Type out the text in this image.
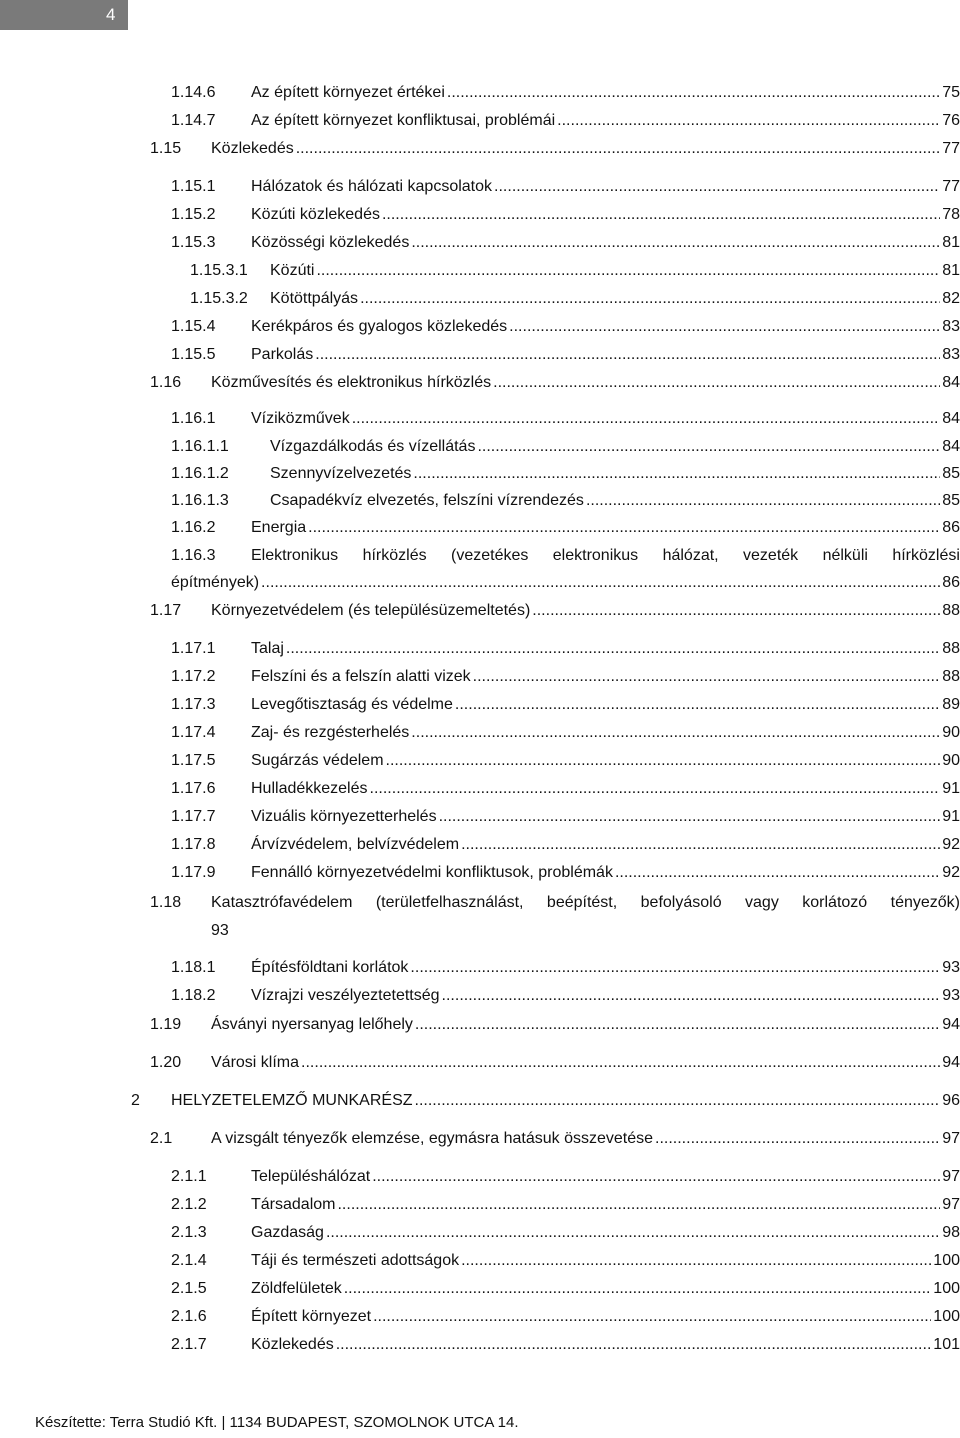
4
1.14.6 Az épített környezet értékei .....	75
1.14.7 Az épített környezet konfliktusai, problémái .....	76
1.15 Közlekedés .....	77
1.15.1 Hálózatok és hálózati kapcsolatok .....	77
1.15.2 Közúti közlekedés .....	78
1.15.3 Közösségi közlekedés .....	81
1.15.3.1 Közúti .....	81
1.15.3.2 Kötöttpályás .....	82
1.15.4 Kerékpáros és gyalogos közlekedés .....	83
1.15.5 Parkolás .....	83
1.16 Közművesítés és elektronikus hírközlés .....	84
1.16.1 Víziközművek .....	84
1.16.1.1	Vízgazdálkodás és vízellátás .....	84
1.16.1.2	Szennyvízelvezetés .....	85
1.16.1.3	Csapadékvíz elvezetés, felszíni vízrendezés .....	85
1.16.2 Energia .....	86
1.16.3 Elektronikus hírközlés (vezetékes elektronikus hálózat, vezeték nélküli hírközlési
építmények) .....	86
1.17 Környezetvédelem (és településüzemeltetés) .....	88
1.17.1 Talaj .....	88
1.17.2 Felszíni és a felszín alatti vizek .....	88
1.17.3 Levegőtisztaság és védelme .....	89
1.17.4 Zaj- és rezgésterhelés .....	90
1.17.5 Sugárzás védelem .....	90
1.17.6 Hulladékkezelés .....	91
1.17.7 Vizuális környezetterhelés .....	91
1.17.8 Árvízvédelem, belvízvédelem .....	92
1.17.9 Fennálló környezetvédelmi konfliktusok, problémák .....	92
1.18 Katasztrófavédelem (területfelhasználást, beépítést, befolyásoló vagy korlátozó tényezők)
93
1.18.1 Építésföldtani korlátok .....	93
1.18.2 Vízrajzi veszélyeztetettség .....	93
1.19 Ásványi nyersanyag lelőhely .....	94
1.20 Városi klíma .....	94
2 HELYZETELEMZŐ MUNKARÉSZ .....	96
2.1 A vizsgált tényezők elemzése, egymásra hatásuk összevetése .....	97
2.1.1	Településhálózat .....	97
2.1.2	Társadalom .....	97
2.1.3	Gazdaság .....	98
2.1.4	Táji és természeti adottságok .....	100
2.1.5	Zöldfelületek .....	100
2.1.6	Épített környezet .....	100
2.1.7	Közlekedés .....	101
Készítette: Terra Studió Kft. | 1134 BUDAPEST, SZOMOLNOK UTCA 14.
